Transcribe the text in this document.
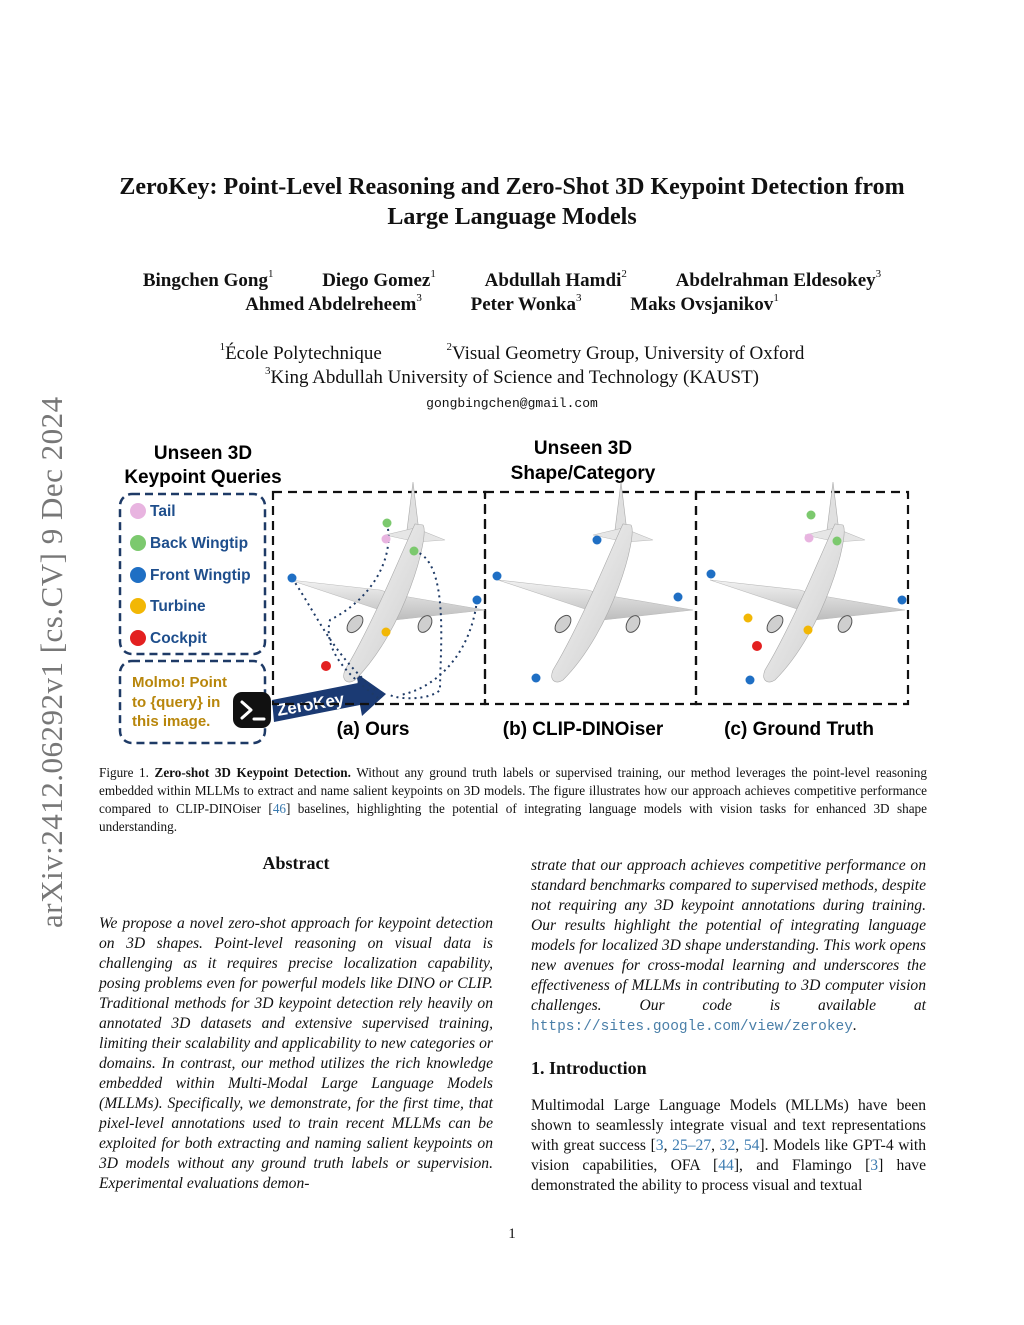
arXiv:2412.06292v1 [cs.CV] 9 Dec 2024
ZeroKey: Point-Level Reasoning and Zero-Shot 3D Keypoint Detection from
Large Language Models
Bingchen Gong$^1$	Diego Gomez$^1$	Abdullah Hamdi$^2$	Abdelrahman Eldesokey$^3$
Ahmed Abdelreheem$^3$	Peter Wonka$^3$	Maks Ovsjanikov$^1$
$^1$École Polytechnique	$^2$Visual Geometry Group, University of Oxford
$^3$King Abdullah University of Science and Technology (KAUST)
gongbingchen@gmail.com
Unseen 3D
Keypoint Queries
Unseen 3D
Shape/Category
Tail
Back Wingtip
Front Wingtip
Turbine
Cockpit
Molmo! Point
to {query} in
this image.
ZeroKey
(a) Ours	(b) CLIP-DINOiser	(c) Ground Truth
Figure 1. Zero-shot 3D Keypoint Detection. Without any ground truth labels or supervised training, our method leverages the point-level reasoning embedded within MLLMs to extract and name salient keypoints on 3D models. The figure illustrates how our approach achieves competitive performance compared to CLIP-DINOiser [46] baselines, highlighting the potential of integrating language models with vision tasks for enhanced 3D shape understanding.
Abstract
We propose a novel zero-shot approach for keypoint detection on 3D shapes. Point-level reasoning on visual data is challenging as it requires precise localization capability, posing problems even for powerful models like DINO or CLIP. Traditional methods for 3D keypoint detection rely heavily on annotated 3D datasets and extensive supervised training, limiting their scalability and applicability to new categories or domains. In contrast, our method utilizes the rich knowledge embedded within Multi-Modal Large Language Models (MLLMs). Specifically, we demonstrate, for the first time, that pixel-level annotations used to train recent MLLMs can be exploited for both extracting and naming salient keypoints on 3D models without any ground truth labels or supervision. Experimental evaluations demon-
strate that our approach achieves competitive performance on standard benchmarks compared to supervised methods, despite not requiring any 3D keypoint annotations during training. Our results highlight the potential of integrating language models for localized 3D shape understanding. This work opens new avenues for cross-modal learning and underscores the effectiveness of MLLMs in contributing to 3D computer vision challenges. Our code is available at https://sites.google.com/view/zerokey.
1. Introduction
Multimodal Large Language Models (MLLMs) have been shown to seamlessly integrate visual and text representations with great success [3, 25–27, 32, 54]. Models like GPT-4 with vision capabilities, OFA [44], and Flamingo [3] have demonstrated the ability to process visual and textual
1
